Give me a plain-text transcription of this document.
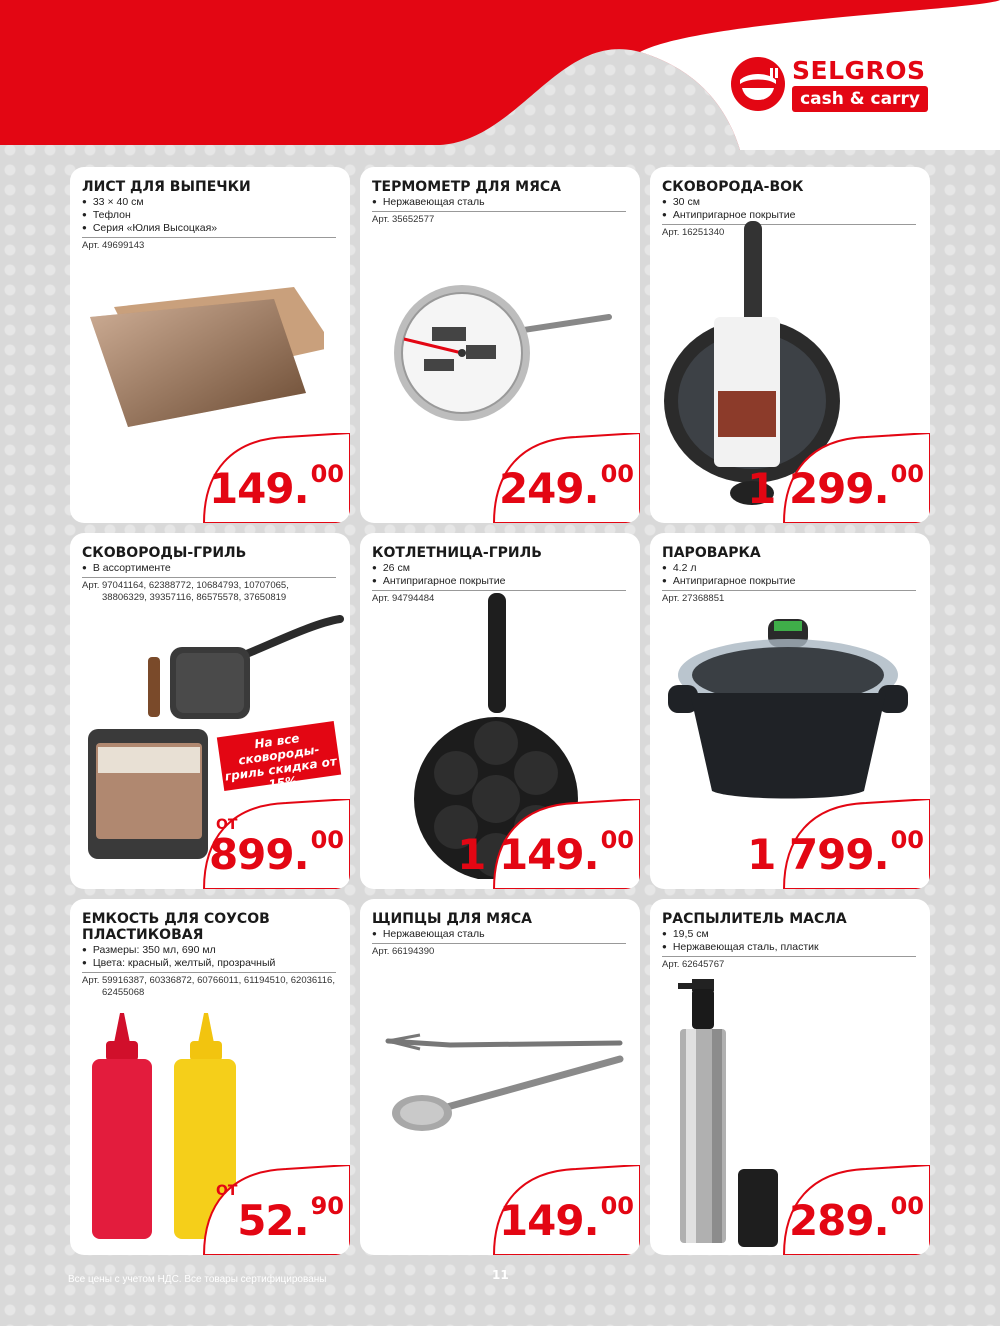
SELGROS
cash & carry
ЛИСТ ДЛЯ ВЫПЕЧКИ
● 33 × 40 см
● Тефлон
● Серия «Юлия Высоцкая»
Арт. 49699143
149.00
ТЕРМОМЕТР ДЛЯ МЯСА
● Нержавеющая сталь
Арт. 35652577
249.00
СКОВОРОДА-ВОК
● 30 см
● Антипригарное покрытие
Арт. 16251340
1 299.00
СКОВОРОДЫ-ГРИЛЬ
● В ассортименте
Арт. 97041164, 62388772, 10684793, 10707065,
38806329, 39357116, 86575578, 37650819
На все сковороды-гриль скидка от 15%
ОТ
899.00
КОТЛЕТНИЦА-ГРИЛЬ
● 26 см
● Антипригарное покрытие
Арт. 94794484
1 149.00
ПАРОВАРКА
● 4.2 л
● Антипригарное покрытие
Арт. 27368851
1 799.00
ЕМКОСТЬ ДЛЯ СОУСОВ ПЛАСТИКОВАЯ
● Размеры: 350 мл, 690 мл
● Цвета: красный, желтый, прозрачный
Арт. 59916387, 60336872, 60766011, 61194510, 62036116,
62455068
ОТ
52.90
ЩИПЦЫ ДЛЯ МЯСА
● Нержавеющая сталь
Арт. 66194390
149.00
РАСПЫЛИТЕЛЬ МАСЛА
● 19,5 см
● Нержавеющая сталь, пластик
Арт. 62645767
289.00
Все цены с учетом НДС. Все товары сертифицированы	11
